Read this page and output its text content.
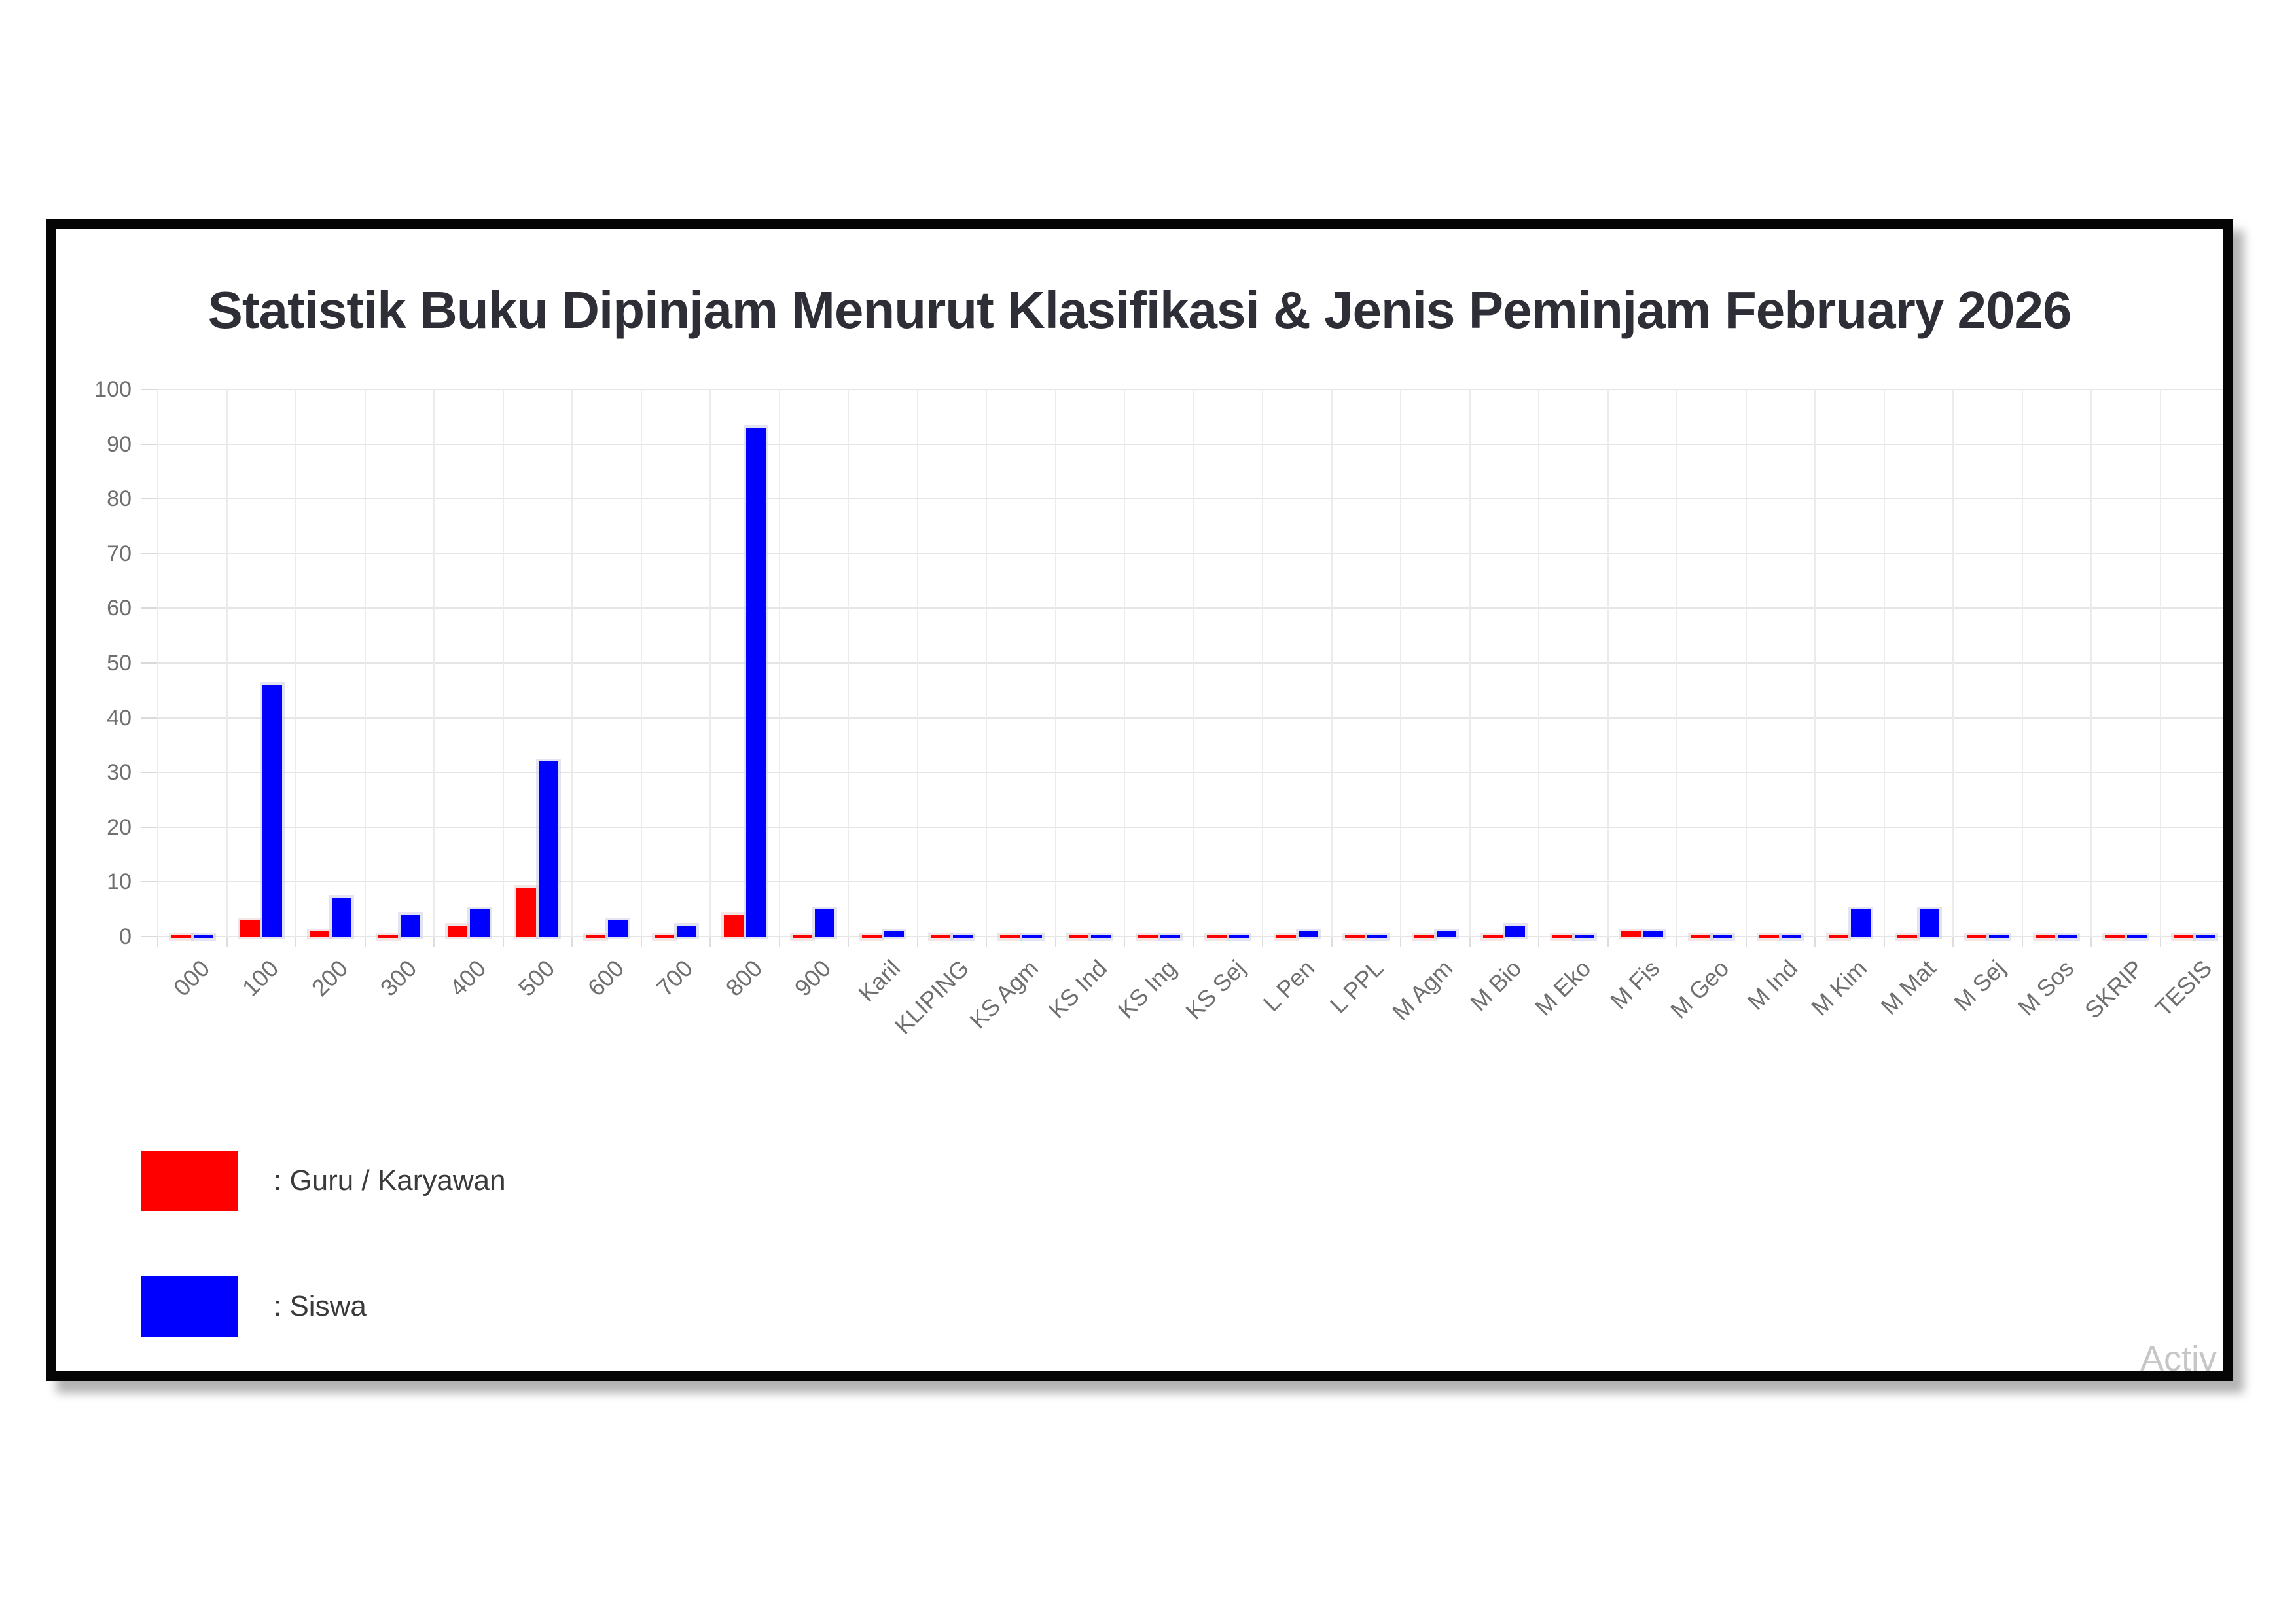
Statistik Buku Dipinjam Menurut Klasifikasi & Jenis Peminjam February 2026
0
10
20
30
40
50
60
70
80
90
100
000 100 200 300 400 500 600 700 800 900 Karil
KLIPING
KS Agm KS Ind KS Ing
KS Sej L Pen L PPL
M Agm M Bio M Eko M Fis M Geo M Ind M Kim M Mat M Sej M Sos SKRIP TESIS
: Guru / Karyawan
: Siswa
Activ
